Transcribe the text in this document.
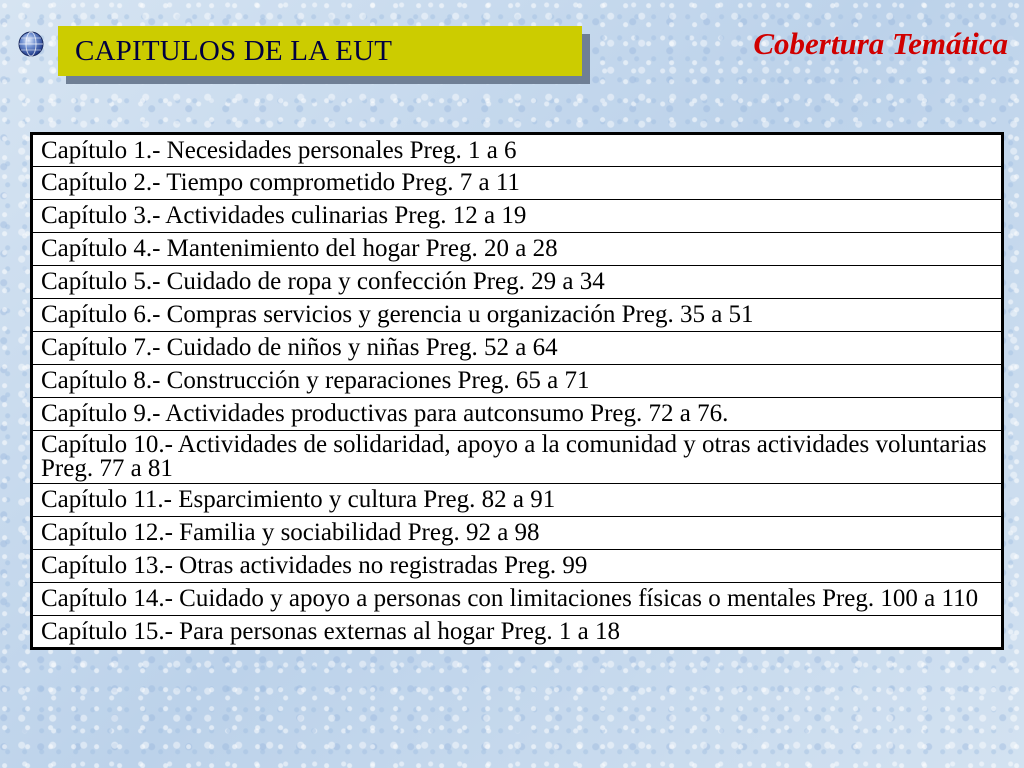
CAPITULOS DE LA EUT	Cobertura Temática
Capítulo 1.- Necesidades personales Preg. 1 a 6
Capítulo 2.- Tiempo comprometido Preg. 7 a 11
Capítulo 3.- Actividades culinarias Preg. 12 a 19
Capítulo 4.- Mantenimiento del hogar Preg. 20 a 28
Capítulo 5.- Cuidado de ropa y confección Preg. 29 a 34
Capítulo 6.- Compras servicios y gerencia u organización Preg. 35 a 51
Capítulo 7.- Cuidado de niños y niñas Preg. 52 a 64
Capítulo 8.- Construcción y reparaciones Preg. 65 a 71
Capítulo 9.- Actividades productivas para autconsumo Preg. 72 a 76.
Capítulo 10.- Actividades de solidaridad, apoyo a la comunidad y otras actividades voluntarias Preg. 77 a 81
Capítulo 11.- Esparcimiento y cultura Preg. 82 a 91
Capítulo 12.- Familia y sociabilidad Preg. 92 a 98
Capítulo 13.- Otras actividades no registradas Preg. 99
Capítulo 14.- Cuidado y apoyo a personas con limitaciones físicas o mentales Preg. 100 a 110
Capítulo 15.- Para personas externas al hogar Preg. 1 a 18
